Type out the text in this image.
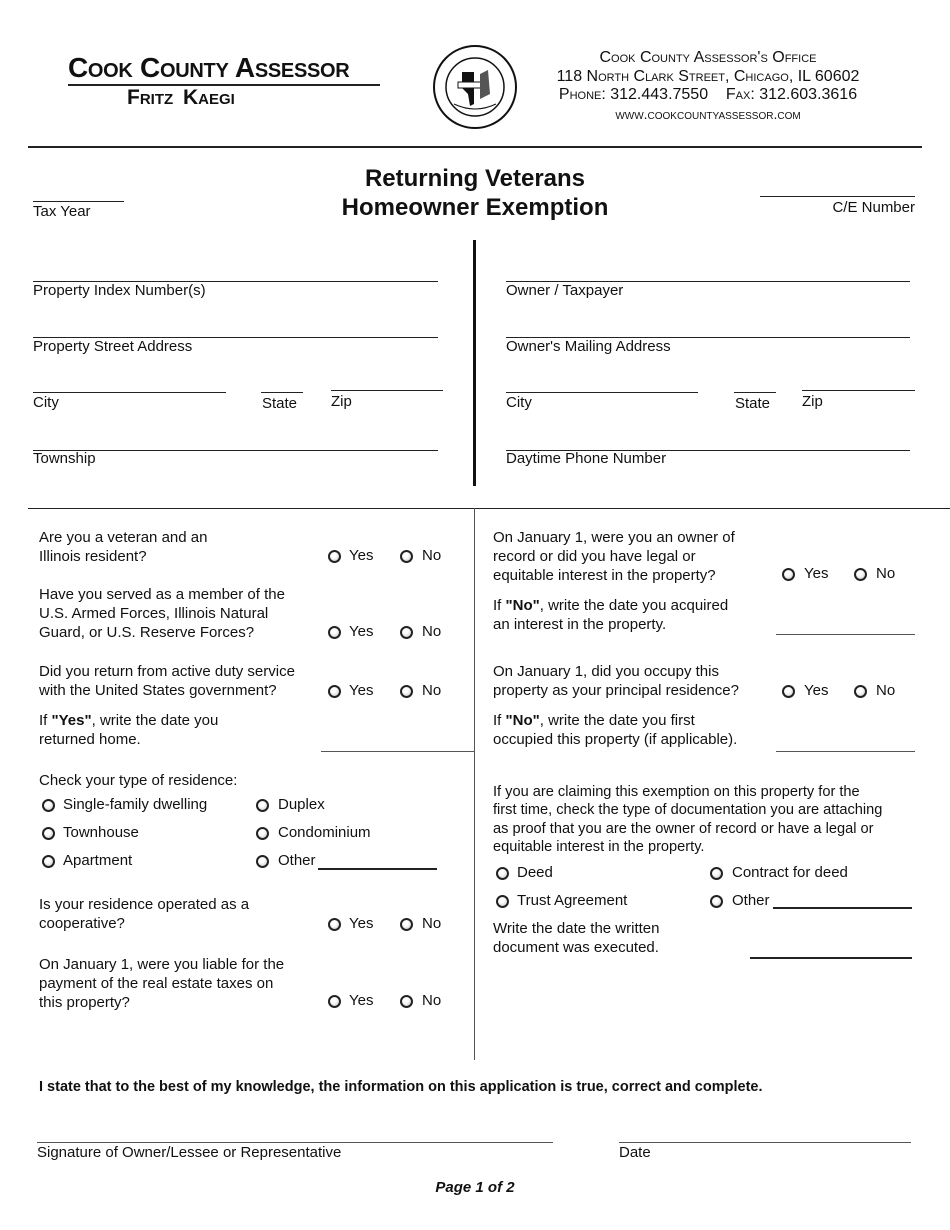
Cook County Assessor
Fritz Kaegi
Cook County Assessor's Office
118 North Clark Street, Chicago, IL 60602
Phone: 312.443.7550 Fax: 312.603.3616
www.cookcountyassessor.com
Returning Veterans
Homeowner Exemption
Tax Year	C/E Number
Property Index Number(s)
Property Street Address
City	State Zip
Township
Owner / Taxpayer
Owner's Mailing Address
City	State Zip
Daytime Phone Number
Are you a veteran and an
Illinois resident?	Yes	No
Have you served as a member of the
U.S. Armed Forces, Illinois Natural
Guard, or U.S. Reserve Forces?	Yes	No
Did you return from active duty service
with the United States government?	Yes	No
If "Yes", write the date you
returned home.
Check your type of residence:
Single-family dwelling	Duplex
Townhouse	Condominium
Apartment	Other
Is your residence operated as a
cooperative?	Yes	No
On January 1, were you liable for the
payment of the real estate taxes on
this property?	Yes	No
On January 1, were you an owner of
record or did you have legal or
equitable interest in the property?	Yes	No
If "No", write the date you acquired
an interest in the property.
On January 1, did you occupy this
property as your principal residence?	Yes	No
If "No", write the date you first
occupied this property (if applicable).
If you are claiming this exemption on this property for the
first time, check the type of documentation you are attaching
as proof that you are the owner of record or have a legal or
equitable interest in the property.
Deed	Contract for deed
Trust Agreement	Other
Write the date the written
document was executed.
I state that to the best of my knowledge, the information on this application is true, correct and complete.
Signature of Owner/Lessee or Representative	Date
Page 1 of 2
